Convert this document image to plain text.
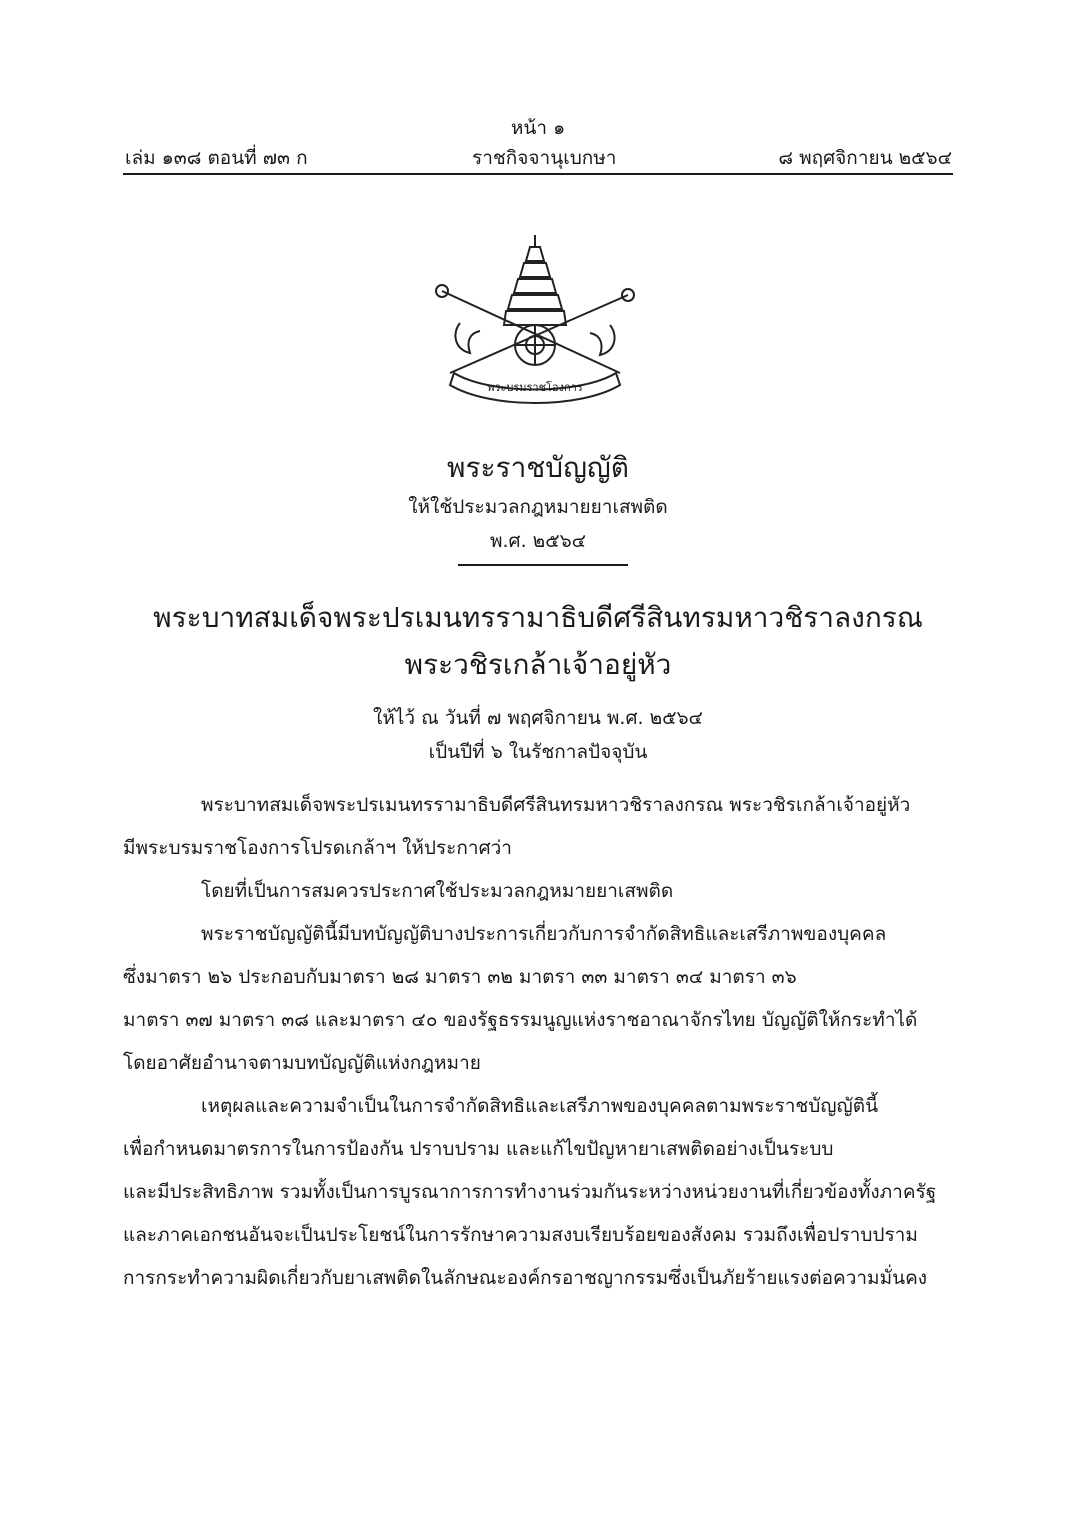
หน้า ๑
เล่ม ๑๓๘ ตอนที่ ๗๓ ก	ราชกิจจานุเบกษา	๘ พฤศจิกายน ๒๕๖๔
พระบรมราชโองการ
พระราชบัญญัติ
ให้ใช้ประมวลกฎหมายยาเสพติด
พ.ศ. ๒๕๖๔
พระบาทสมเด็จพระปรเมนทรรามาธิบดีศรีสินทรมหาวชิราลงกรณ
พระวชิรเกล้าเจ้าอยู่หัว
ให้ไว้ ณ วันที่ ๗ พฤศจิกายน พ.ศ. ๒๕๖๔
เป็นปีที่ ๖ ในรัชกาลปัจจุบัน

พระบาทสมเด็จพระปรเมนทรรามาธิบดีศรีสินทรมหาวชิราลงกรณ พระวชิรเกล้าเจ้าอยู่หัว

มีพระบรมราชโองการโปรดเกล้าฯ ให้ประกาศว่า

โดยที่เป็นการสมควรประกาศใช้ประมวลกฎหมายยาเสพติด

พระราชบัญญัตินี้มีบทบัญญัติบางประการเกี่ยวกับการจำกัดสิทธิและเสรีภาพของบุคคล

ซึ่งมาตรา ๒๖ ประกอบกับมาตรา ๒๘ มาตรา ๓๒ มาตรา ๓๓ มาตรา ๓๔ มาตรา ๓๖

มาตรา ๓๗ มาตรา ๓๘ และมาตรา ๔๐ ของรัฐธรรมนูญแห่งราชอาณาจักรไทย บัญญัติให้กระทำได้

โดยอาศัยอำนาจตามบทบัญญัติแห่งกฎหมาย

เหตุผลและความจำเป็นในการจำกัดสิทธิและเสรีภาพของบุคคลตามพระราชบัญญัตินี้

เพื่อกำหนดมาตรการในการป้องกัน ปราบปราม และแก้ไขปัญหายาเสพติดอย่างเป็นระบบ

และมีประสิทธิภาพ รวมทั้งเป็นการบูรณาการการทำงานร่วมกันระหว่างหน่วยงานที่เกี่ยวข้องทั้งภาครัฐ

และภาคเอกชนอันจะเป็นประโยชน์ในการรักษาความสงบเรียบร้อยของสังคม รวมถึงเพื่อปราบปราม

การกระทำความผิดเกี่ยวกับยาเสพติดในลักษณะองค์กรอาชญากรรมซึ่งเป็นภัยร้ายแรงต่อความมั่นคง
